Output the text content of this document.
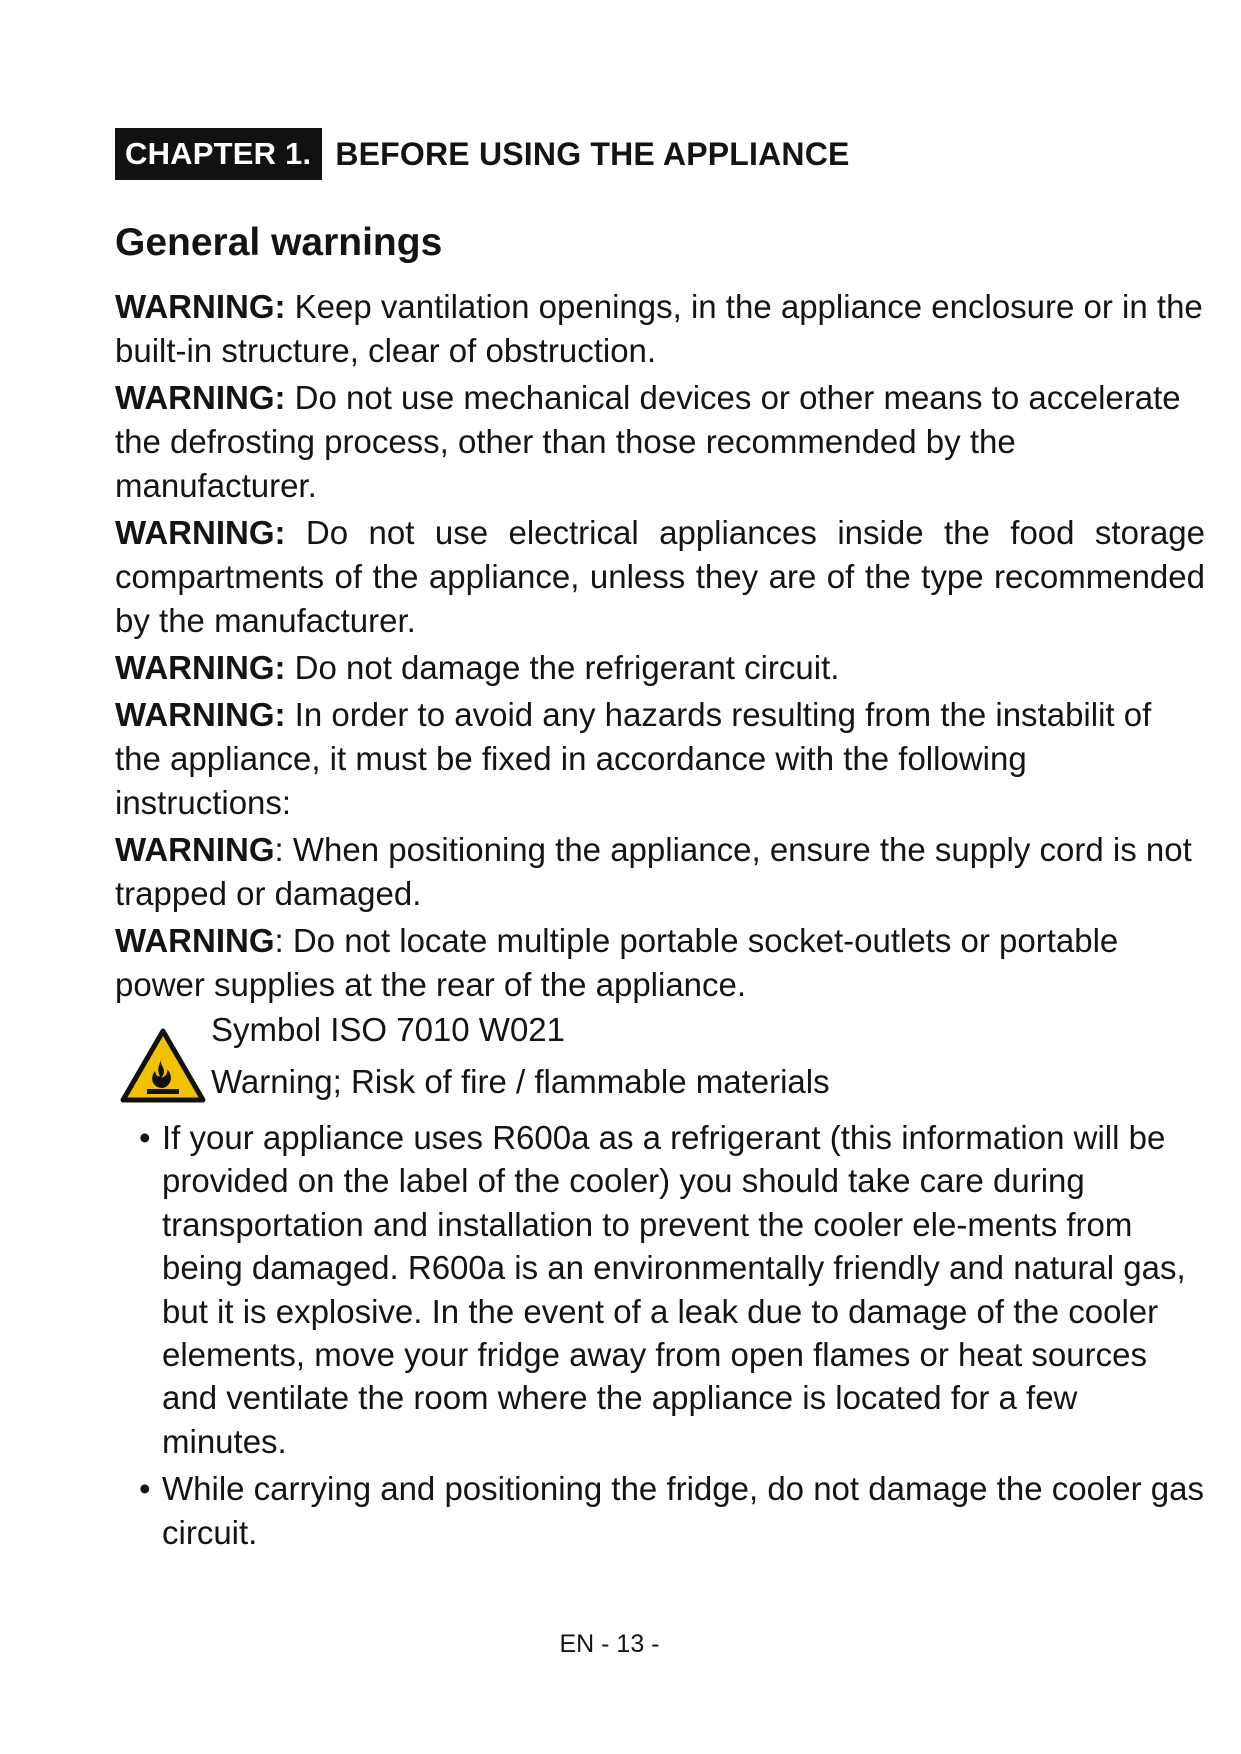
CHAPTER 1. BEFORE USING THE APPLIANCE
General warnings

WARNING: Keep vantilation openings, in the appliance enclosure or in the built-in structure, clear of obstruction.

WARNING: Do not use mechanical devices or other means to accelerate the defrosting process, other than those recommended by the manufacturer.

WARNING: Do not use electrical appliances inside the food storage compartments of the appliance, unless they are of the type recommended by the manufacturer.

WARNING: Do not damage the refrigerant circuit.

WARNING: In order to avoid any hazards resulting from the instabilit of the appliance, it must be fixed in accordance with the following instructions:

WARNING: When positioning the appliance, ensure the supply cord is not trapped or damaged.

WARNING: Do not locate multiple portable socket-outlets or portable power supplies at the rear of the appliance.

Symbol ISO 7010 W021
Warning; Risk of fire / flammable materials

• If your appliance uses R600a as a refrigerant (this information will be provided on the label of the cooler) you should take care during transportation and installation to prevent the cooler ele-ments from being damaged. R600a is an environmentally friendly and natural gas, but it is explosive. In the event of a leak due to damage of the cooler elements, move your fridge away from open flames or heat sources and ventilate the room where the appliance is located for a few minutes.

• While carrying and positioning the fridge, do not damage the cooler gas circuit.

EN - 13 -
